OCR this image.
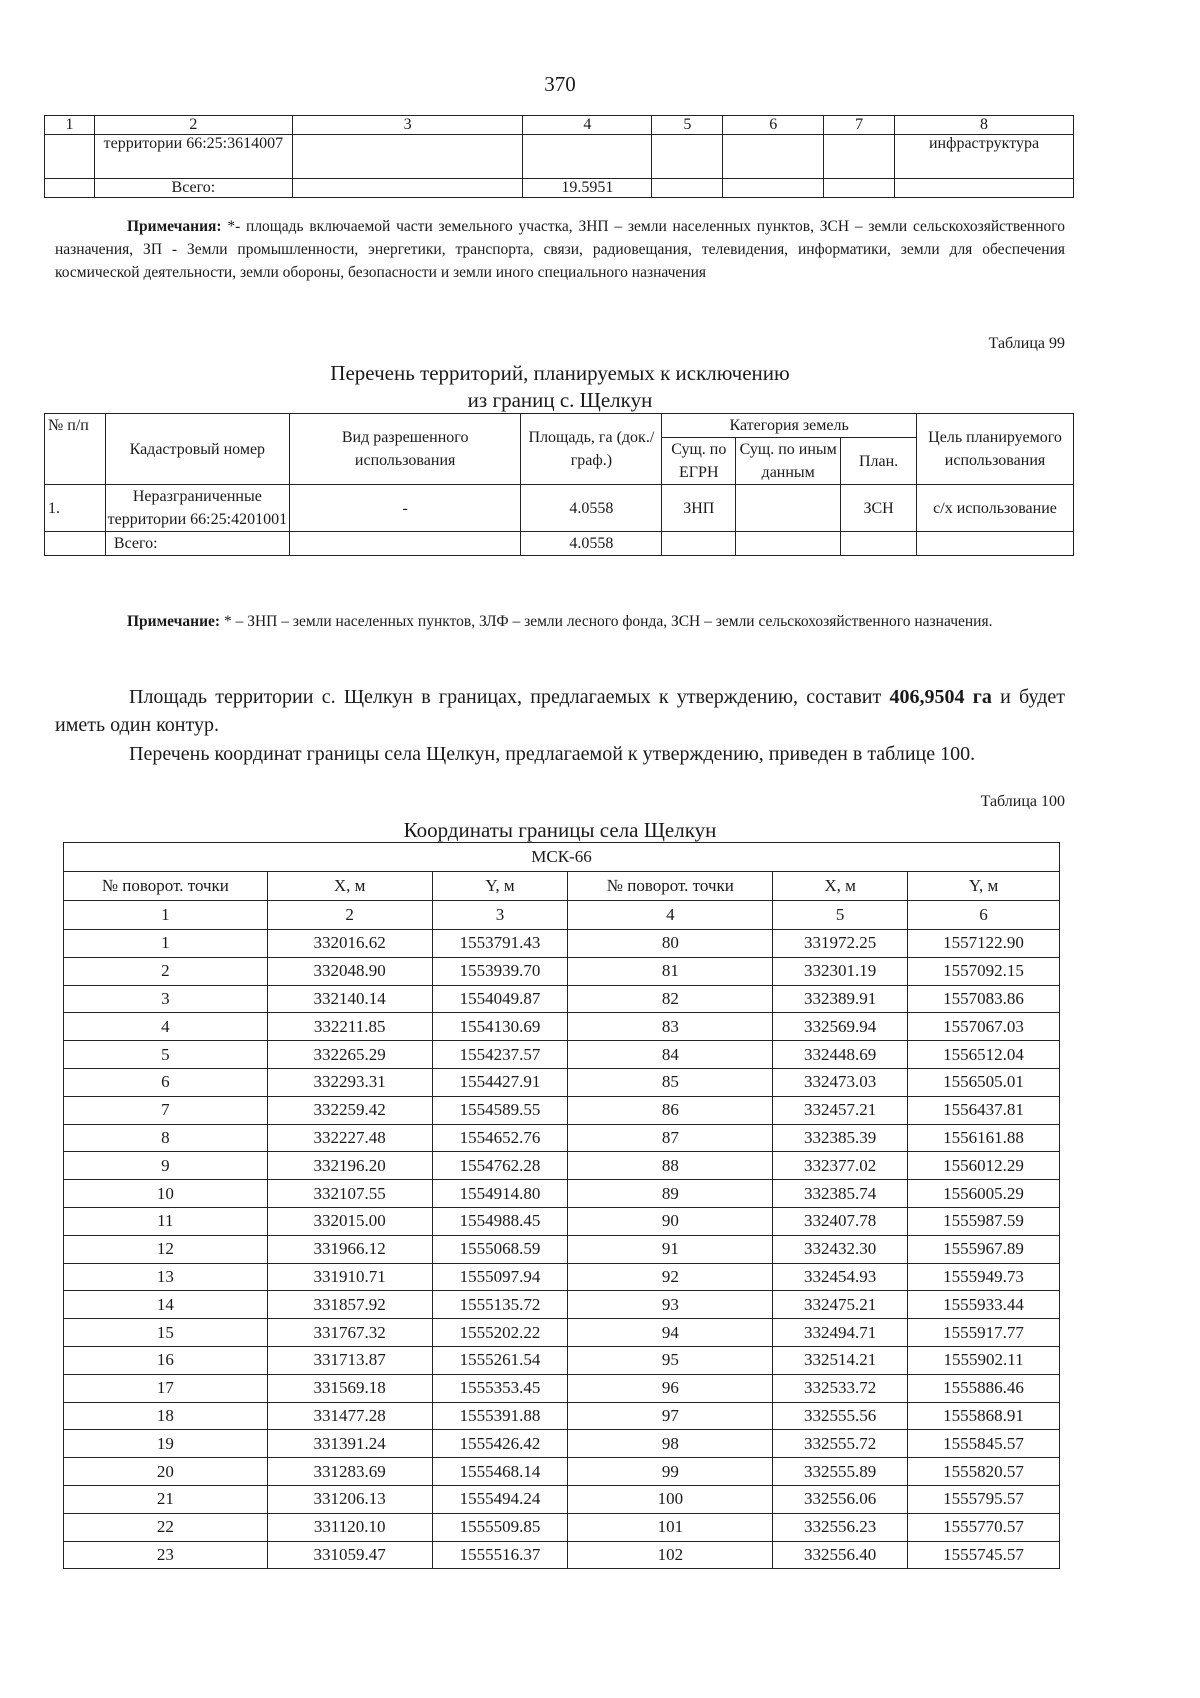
370
1	2	3	4	5	6	7	8
	территории 66:25:3614007						инфраструктура
	Всего:		19.5951				
Примечания: *- площадь включаемой части земельного участка, ЗНП – земли населенных пунктов, ЗСН – земли сельскохозяйственного назначения, ЗП - Земли промышленности, энергетики, транспорта, связи, радиовещания, телевидения, информатики, земли для обеспечения космической деятельности, земли обороны, безопасности и земли иного специального назначения
Таблица 99
Перечень территорий, планируемых к исключению
из границ с. Щелкун
№ п/п	Кадастровый номер	Вид разрешенного использования	Площадь, га (док./граф.)	Категория земель			Цель планируемого использования
				Сущ. по ЕГРН	Сущ. по иным данным	План.	
1.	Неразграниченные территории 66:25:4201001	-	4.0558	ЗНП		ЗСН	с/х использование
	Всего:		4.0558				
Примечание: * – ЗНП – земли населенных пунктов, ЗЛФ – земли лесного фонда, ЗСН – земли сельскохозяйственного назначения.
Площадь территории с. Щелкун в границах, предлагаемых к утверждению, составит 406,9504 га и будет иметь один контур.
Перечень координат границы села Щелкун, предлагаемой к утверждению, приведен в таблице 100.
Таблица 100
Координаты границы села Щелкун
МСК-66					
№ поворот. точки	X, м	Y, м	№ поворот. точки	X, м	Y, м
1	2	3	4	5	6
1	332016.62	1553791.43	80	331972.25	1557122.90
2	332048.90	1553939.70	81	332301.19	1557092.15
3	332140.14	1554049.87	82	332389.91	1557083.86
4	332211.85	1554130.69	83	332569.94	1557067.03
5	332265.29	1554237.57	84	332448.69	1556512.04
6	332293.31	1554427.91	85	332473.03	1556505.01
7	332259.42	1554589.55	86	332457.21	1556437.81
8	332227.48	1554652.76	87	332385.39	1556161.88
9	332196.20	1554762.28	88	332377.02	1556012.29
10	332107.55	1554914.80	89	332385.74	1556005.29
11	332015.00	1554988.45	90	332407.78	1555987.59
12	331966.12	1555068.59	91	332432.30	1555967.89
13	331910.71	1555097.94	92	332454.93	1555949.73
14	331857.92	1555135.72	93	332475.21	1555933.44
15	331767.32	1555202.22	94	332494.71	1555917.77
16	331713.87	1555261.54	95	332514.21	1555902.11
17	331569.18	1555353.45	96	332533.72	1555886.46
18	331477.28	1555391.88	97	332555.56	1555868.91
19	331391.24	1555426.42	98	332555.72	1555845.57
20	331283.69	1555468.14	99	332555.89	1555820.57
21	331206.13	1555494.24	100	332556.06	1555795.57
22	331120.10	1555509.85	101	332556.23	1555770.57
23	331059.47	1555516.37	102	332556.40	1555745.57
